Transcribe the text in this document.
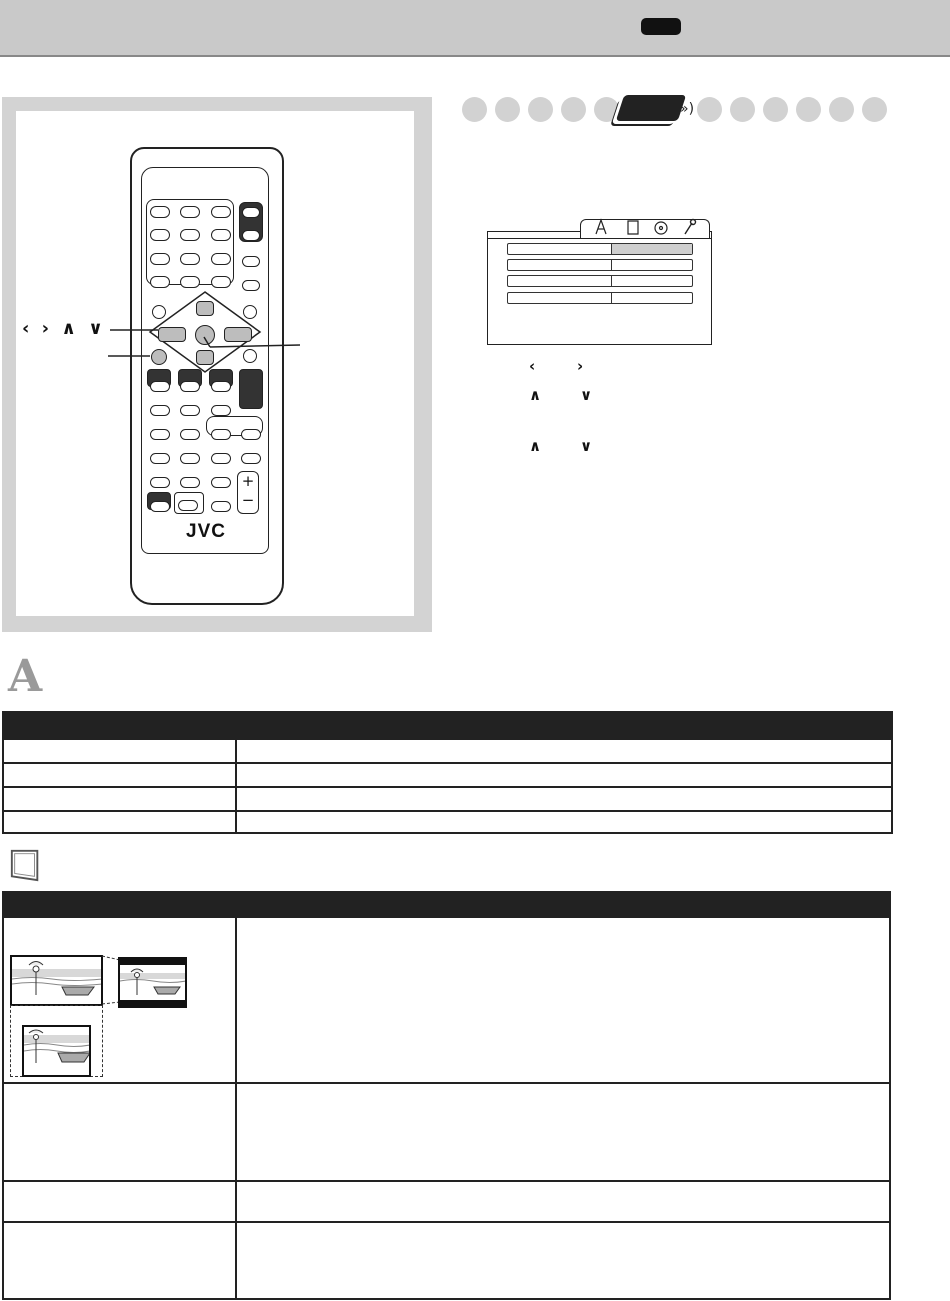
‹ › ∧ ∨
+
−
JVC
»)
‹	›
∧	∨
∧	∨
A
